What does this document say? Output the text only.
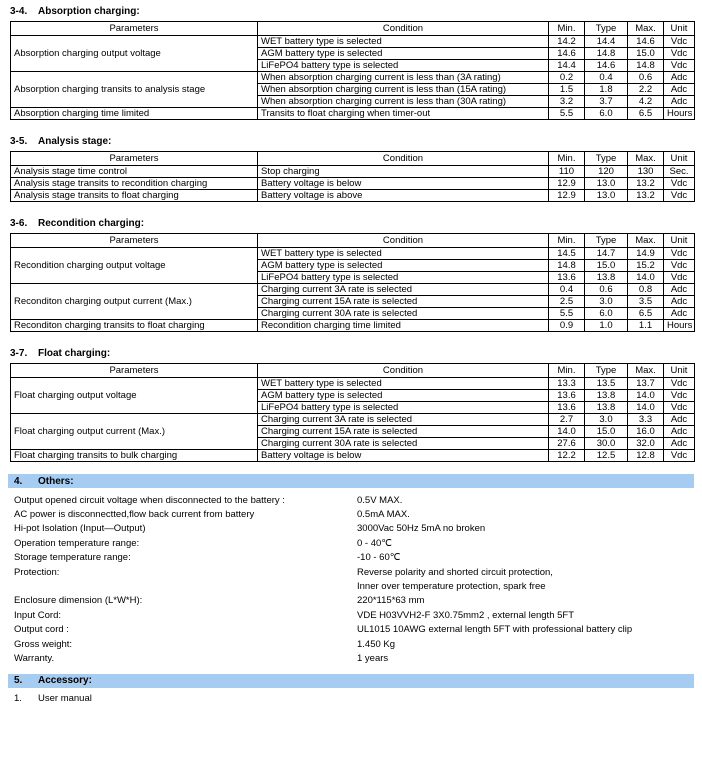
3-4. Absorption charging:
Parameters	Condition	Min.	Type	Max.	Unit
Absorption charging output voltage	WET battery type is selected	14.2	14.4	14.6	Vdc
	AGM battery type is selected	14.6	14.8	15.0	Vdc
	LiFePO4 battery type is selected	14.4	14.6	14.8	Vdc
Absorption charging transits to analysis stage	When absorption charging current is less than (3A rating)	0.2	0.4	0.6	Adc
	When absorption charging current is less than (15A rating)	1.5	1.8	2.2	Adc
	When absorption charging current is less than (30A rating)	3.2	3.7	4.2	Adc
Absorption charging time limited	Transits to float charging when timer-out	5.5	6.0	6.5	Hours
3-5. Analysis stage:
Parameters	Condition	Min.	Type	Max.	Unit
Analysis stage time control	Stop charging	110	120	130	Sec.
Analysis stage transits to recondition charging	Battery voltage is below	12.9	13.0	13.2	Vdc
Analysis stage transits to float charging	Battery voltage is above	12.9	13.0	13.2	Vdc
3-6. Recondition charging:
Parameters	Condition	Min.	Type	Max.	Unit
Recondition charging output voltage	WET battery type is selected	14.5	14.7	14.9	Vdc
	AGM battery type is selected	14.8	15.0	15.2	Vdc
	LiFePO4 battery type is selected	13.6	13.8	14.0	Vdc
Reconditon charging output current (Max.)	Charging current 3A rate is selected	0.4	0.6	0.8	Adc
	Charging current 15A rate is selected	2.5	3.0	3.5	Adc
	Charging current 30A rate is selected	5.5	6.0	6.5	Adc
Reconditon charging transits to float charging	Recondition charging time limited	0.9	1.0	1.1	Hours
3-7. Float charging:
Parameters	Condition	Min.	Type	Max.	Unit
Float charging output voltage	WET battery type is selected	13.3	13.5	13.7	Vdc
	AGM battery type is selected	13.6	13.8	14.0	Vdc
	LiFePO4 battery type is selected	13.6	13.8	14.0	Vdc
Float charging output current (Max.)	Charging current 3A rate is selected	2.7	3.0	3.3	Adc
	Charging current 15A rate is selected	14.0	15.0	16.0	Adc
	Charging current 30A rate is selected	27.6	30.0	32.0	Adc
Float charging transits to bulk charging	Battery voltage is below	12.2	12.5	12.8	Vdc
4.	Others:
Output opened circuit voltage when disconnected to the battery :	0.5V MAX.
AC power is disconnectted,flow back current from battery	0.5mA MAX.
Hi-pot Isolation (Input—Output)	3000Vac 50Hz 5mA no broken
Operation temperature range:	0 - 40℃
Storage temperature range:	-10 - 60℃
Protection:	Reverse polarity and shorted circuit protection,
Inner over temperature protection, spark free
Enclosure dimension (L*W*H):	220*115*63 mm
Input Cord:	VDE H03VVH2-F 3X0.75mm2 , external length 5FT
Output cord :	UL1015 10AWG external length 5FT with professional battery clip
Gross weight:	1.450 Kg
Warranty.	1 years
5.	Accessory:
1.	User manual
